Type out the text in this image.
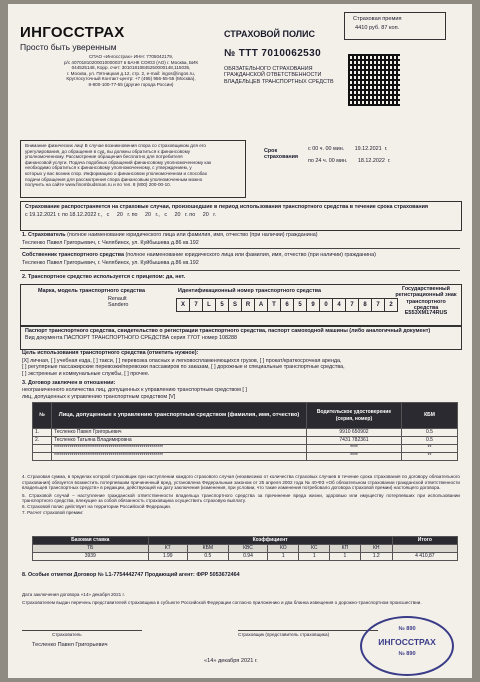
ИНГОССТРАХ
Просто быть уверенным
СПАО «Ингосстрах» ИНН: 7705042179,
р/с 40701810200010000037 в БАНК СОЮЗ (АО) г. Москва, БИК
044525148, Корр. счет: 30101810845250000148,115035,
г. Москва, ул. Пятницкая д.12, стр. 2, e-mail: ingos@ingos.ru,
Круглосуточный Контакт-центр: +7 (495) 956-55-55 (Москва),
8-800-100-77-55 (другие города России)
СТРАХОВОЙ ПОЛИС
№ ТТТ 7010062530
ОБЯЗАТЕЛЬНОГО СТРАХОВАНИЯ
ГРАЖДАНСКОЙ ОТВЕТСТВЕННОСТИ
ВЛАДЕЛЬЦЕВ ТРАНСПОРТНЫХ СРЕДСТВ
Страховая премия
4410 руб. 87 коп.
Внимание физических лиц! В случае возникновения спора со страховщиком для его
урегулирования, до обращения в суд, вы должны обратиться к финансовому
уполномоченному. Рассмотрение обращения бесплатно для потребителя
финансовой услуги. Подача подобных обращений финансовому уполномоченному как
необходимо обратиться к финансовому уполномоченному, с утверждением, у
которых у вас возник спор. Информацию о финансовом уполномоченном и способах
подачи обращения для рассмотрения спора финансовым уполномоченным можно
получить на сайте www.finombudsman.ru и по тел. 8 (800) 200-00-10.
Срок страхования
с 00 ч. 00 мин.       19.12.2021  г.
по 24 ч. 00 мин.       18.12.2022  г.
Страхование распространяется на страховые случаи, произошедшие в период использования транспортного средства в течение срока страхования
с 19.12.2021 г. по 18.12.2022 г.,   с     20   г. по     20   г.,   с     20   г. по     20   г.
1. Страхователь (полное наименование юридического лица или фамилия, имя, отчество (при наличии) гражданина)
Тесленко Павел Григорьевич, г. Челябинск, ул. Куйбышева д.86 кв.192
Собственник транспортного средства (полное наименование юридического лица или фамилия, имя, отчество (при наличии) гражданина)
Тесленко Павел Григорьевич, г. Челябинск, ул. Куйбышева д.86 кв.192
2. Транспортное средство используется с прицепом: да, нет.
Марка, модель транспортного средства
Renault
Sandero
Идентификационный номер транспортного средства
X	7	L	5	S	R	A	T	6	5	9	0	4	7	8	7	2
Государственный регистрационный знак транспортного средства
Е553ХМ174RUS
Паспорт транспортного средства, свидетельство о регистрации транспортного средства, паспорт самоходной машины (либо аналогичный документ)
Вид документа ПАСПОРТ ТРАНСПОРТНОГО СРЕДСТВА серия 77ОТ номер 108288
Цель использования транспортного средства (отметить нужное):
[X] личная, [ ] учебная езда, [ ] такси, [ ] перевозка опасных и легковоспламеняющихся грузов, [ ] прокат/краткосрочная аренда,
[ ] регулярные пассажирские перевозки/перевозки пассажиров по заказам, [ ] дорожные и специальные транспортные средства,
[ ] экстренные и коммунальные службы, [ ] прочее.
3. Договор заключен в отношении:
неограниченного количества лиц, допущенных к управлению транспортным средством [ ]
лиц, допущенных к управлению транспортным средством [V]
№	Лица, допущенные к управлению транспортным средством (фамилия, имя, отчество)	Водительское удостоверение (серия, номер)	КБМ
1.	Тесленко Павел Григорьевич	9910 650902	0.5
2.	Тесленко Татьяна Владимировна	7431 782361	0.5
	********************************************************	****	**
	********************************************************	****	**
4. Страховая сумма, в пределах которой страховщик при наступлении каждого страхового случая (независимо от количества страховых случаев в течение срока страхования по договору обязательного страхования) обязуется возместить потерпевшим причиненный вред, установлена Федеральным законом от 25 апреля 2002 года № 40-ФЗ «Об обязательном страховании гражданской ответственности владельцев транспортных средств» в редакции, действующей на дату заключения (изменения, при условии, что такие изменения потребовало договора страховой премии) настоящего договора.
5. Страховой случай – наступление гражданской ответственности владельца транспортного средства за причинение вреда жизни, здоровью или имуществу потерпевших при использовании транспортного средства, влекущее за собой обязанность страховщика осуществить страховую выплату.
6. Страховой полис действует на территории Российской Федерации.
7. Расчет страховой премии:
Базовая ставка	Коэффициент							Итого
ТБ	КТ	КБМ	КВС	КО	КС	КП	КН	
3939	1.99	0.5	0.94	1	1	1	1.2	4 410,87
8. Особые отметки Договор № L1-7754442747 Продающий агент: ФРР 5053672464
Дата заключения договора «14» декабря 2021 г.
Страхователем выдан перечень представителей страховщика в субъекте Российской Федерации согласно приложению и два бланка извещения о дорожно-транспортном происшествии.
Страхователь
Тесленко Павел Григорьевич
Страховщик (представитель страховщика)
«14» декабря 2021 г.
№ 890
ИНГОССТРАХ
№ 890
